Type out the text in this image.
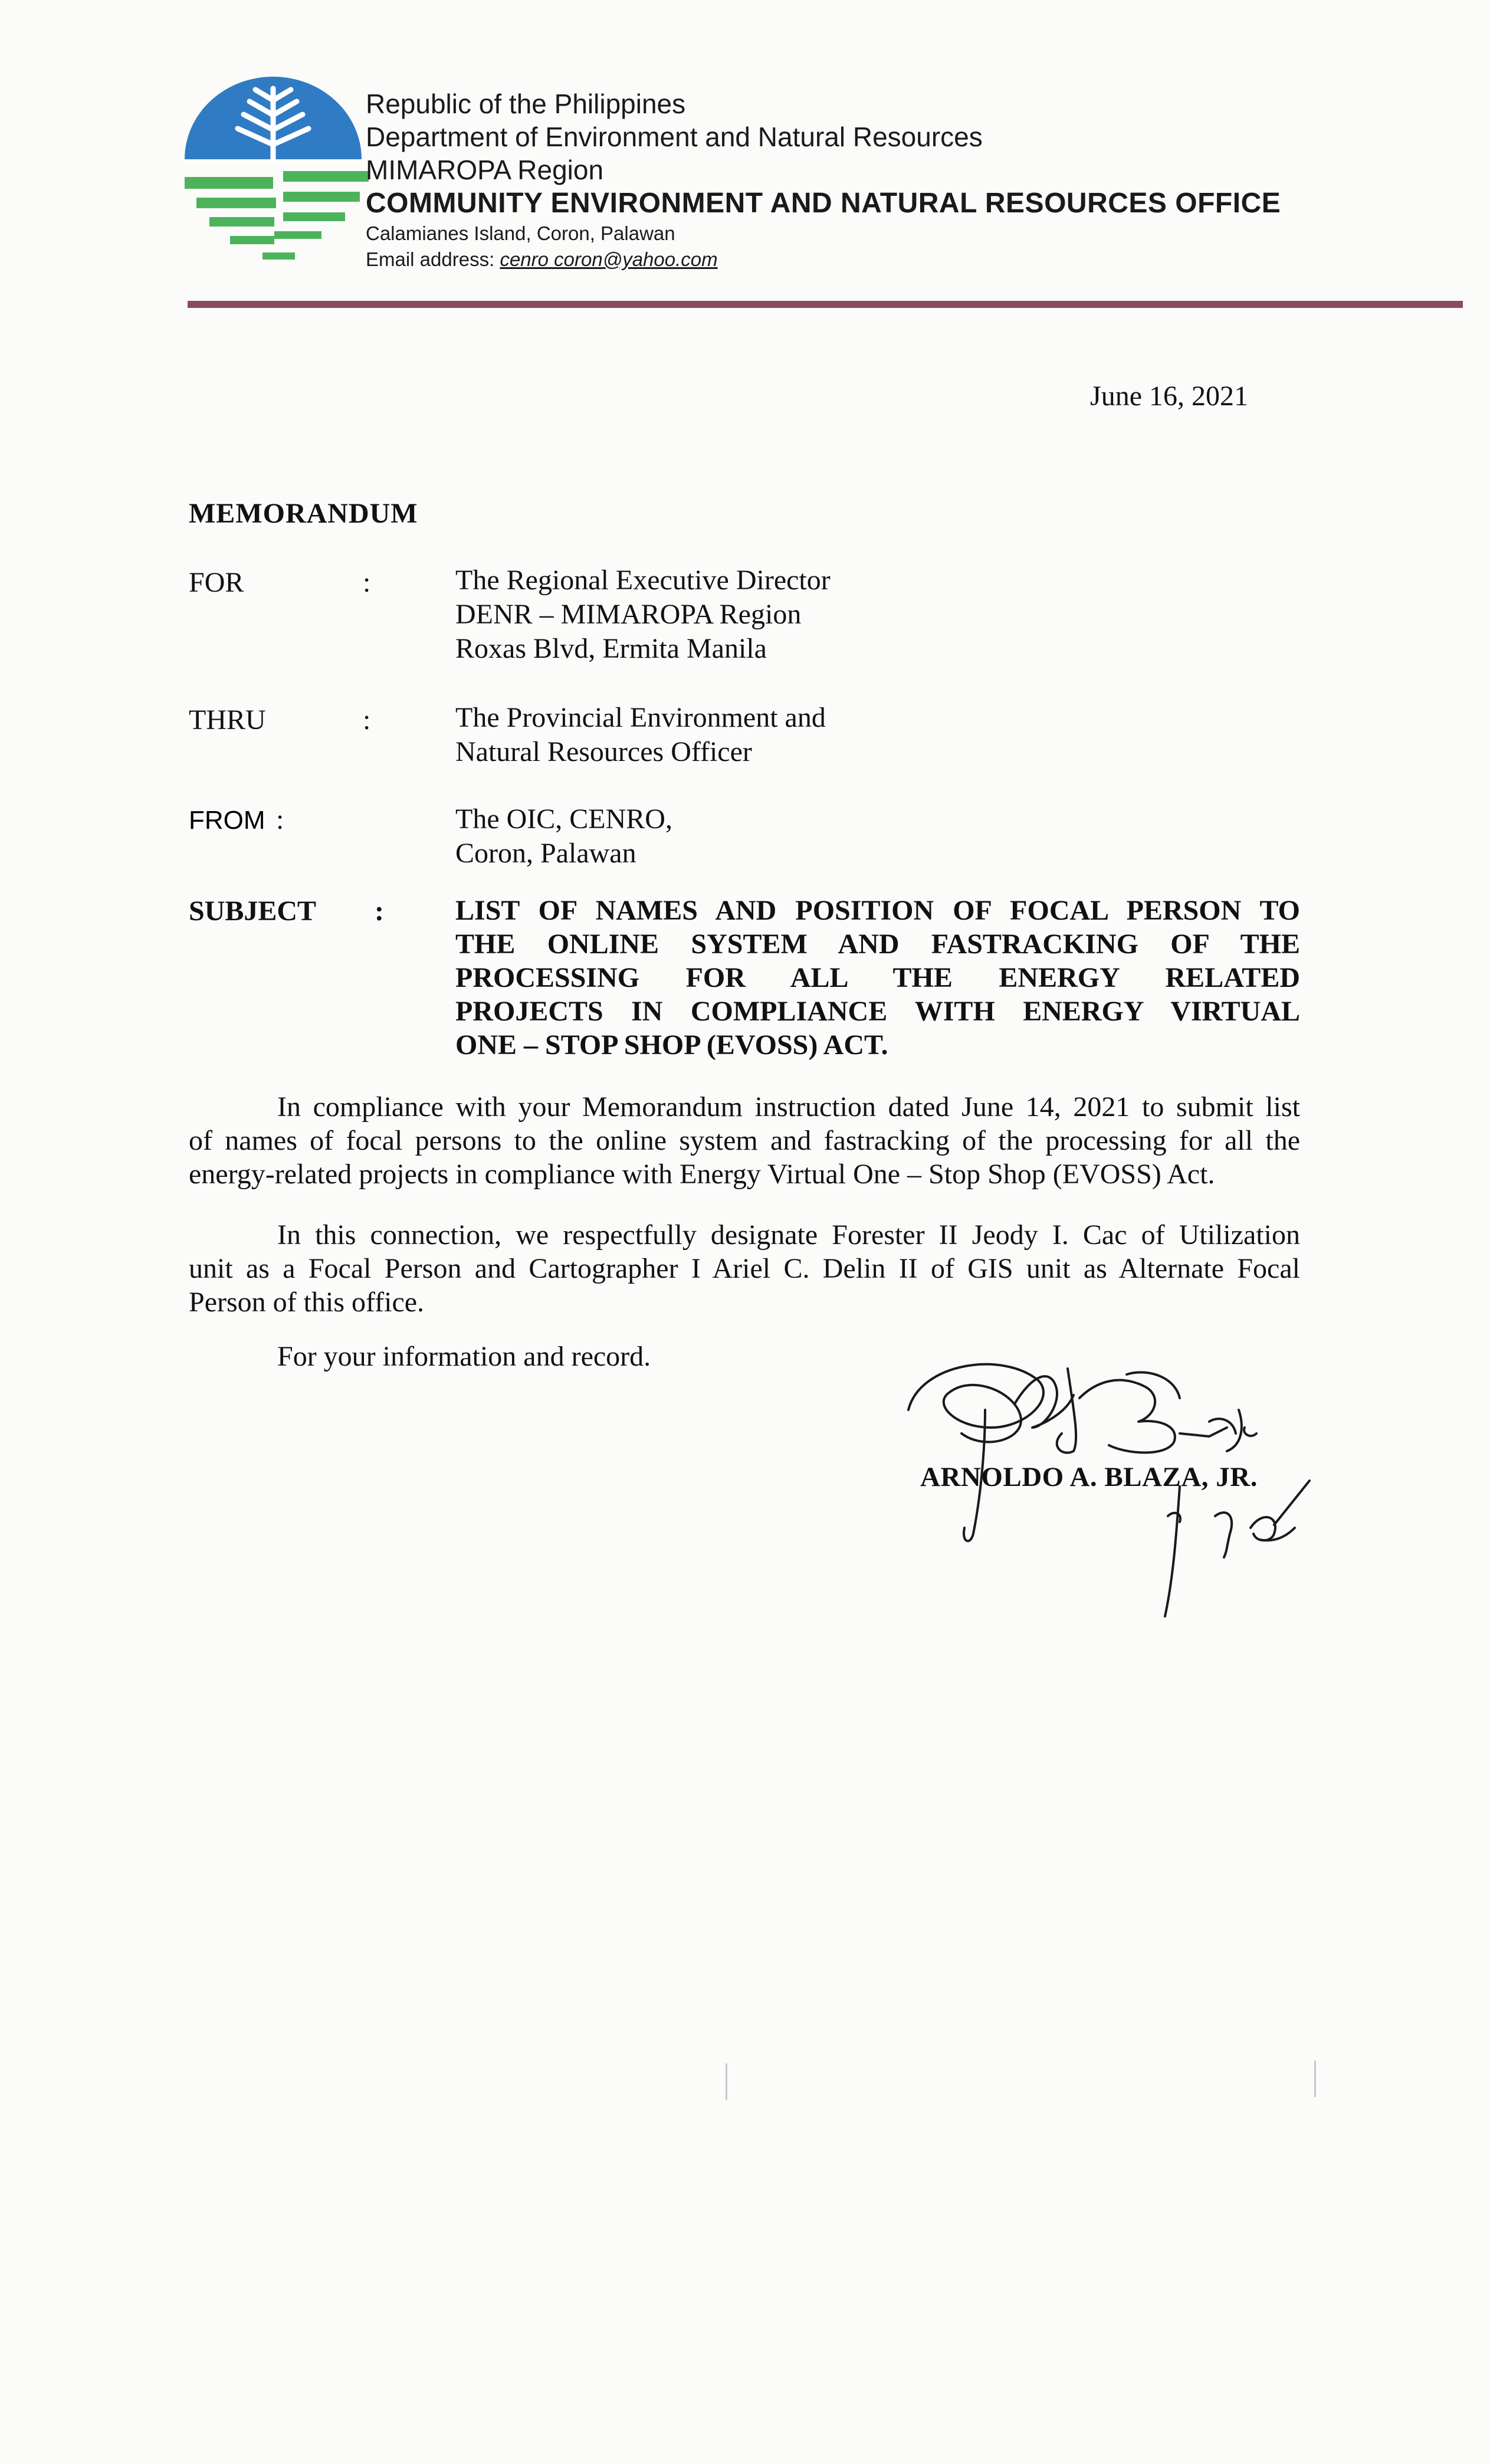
Republic of the Philippines
Department of Environment and Natural Resources
MIMAROPA Region
COMMUNITY ENVIRONMENT AND NATURAL RESOURCES OFFICE
Calamianes Island, Coron, Palawan
Email address: cenro coron@yahoo.com
June 16, 2021
MEMORANDUM
FOR	:	The Regional Executive Director
DENR – MIMAROPA Region
Roxas Blvd, Ermita Manila
THRU	:	The Provincial Environment and
Natural Resources Officer
FROM :	The OIC, CENRO,
Coron, Palawan
SUBJECT :	LIST OF NAMES AND POSITION OF FOCAL PERSON TO
THE ONLINE SYSTEM AND FASTRACKING OF THE
PROCESSING FOR ALL THE ENERGY RELATED
PROJECTS IN COMPLIANCE WITH ENERGY VIRTUAL
ONE – STOP SHOP (EVOSS) ACT.
In compliance with your Memorandum instruction dated June 14, 2021 to submit list
of names of focal persons to the online system and fastracking of the processing for all the
energy-related projects in compliance with Energy Virtual One – Stop Shop (EVOSS) Act.
In this connection, we respectfully designate Forester II Jeody I. Cac of Utilization
unit as a Focal Person and Cartographer I Ariel C. Delin II of GIS unit as Alternate Focal
Person of this office.
For your information and record.
ARNOLDO A. BLAZA, JR.
